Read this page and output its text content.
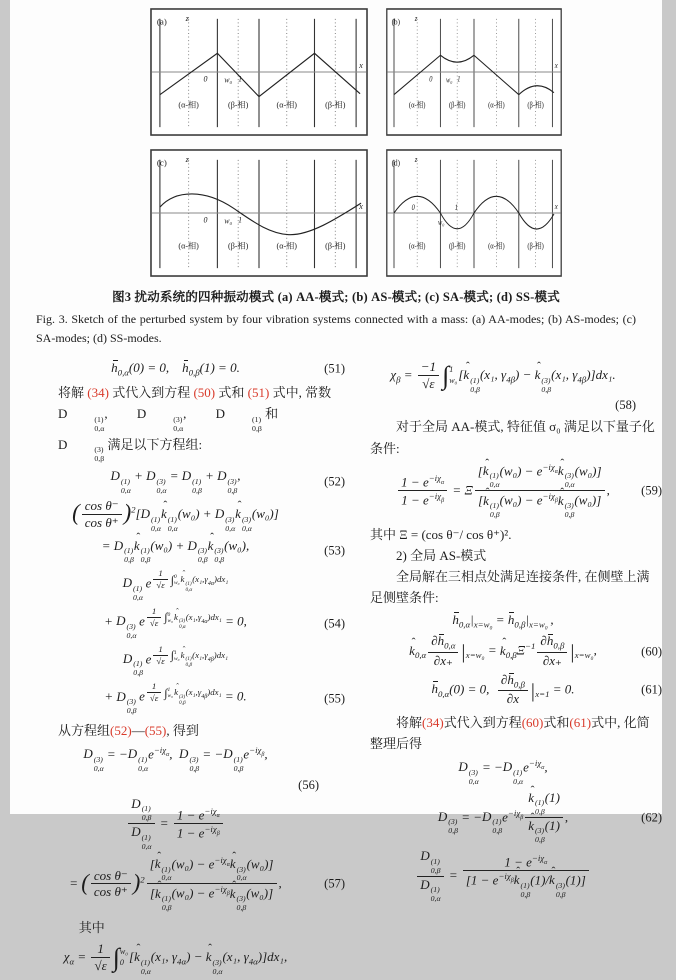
(a) z
x
0 w₀ 1
(α-相)	(β-相)	(α-相)	(β-相)
(b) z
x
0 w₀ 1
(α-相)	(β-相)	(α-相)	(β-相)
(c) z
x
0 w₀ 1
(α-相)	(β-相)	(α-相)	(β-相)
(d) z
x
0
w₀
1
(α-相)	(β-相)	(α-相)	(β-相)
图3 扰动系统的四种振动模式 (a) AA-模式; (b) AS-模式; (c) SA-模式; (d) SS-模式
Fig. 3. Sketch of the perturbed system by four vibration systems connected with a mass: (a) AA-modes; (b) AS-modes; (c) SA-modes; (d) SS-modes.
$h_{0,\alpha}(0) = 0$,  $h_{0,\beta}(1) = 0$.	(51)
将解 (34) 式代入到方程 (50) 式和 (51) 式中, 常数 D	(1)
0,α
, D	(3)
0,α
, D	(1)
0,β
和 D	(3)
0,β
满足以下方程组:
D (1)
0,α
+ D (3)
0,α
= D (1)
0,β
+ D (3)
0,β
,	(52)
( $\frac{\text{cos θ⁻}}{\text{cos θ⁺}} )^2[D$ (1)
0,α
ˆ k (1)
0,α
(w₀) + D (3)
0,α
ˆ k (3)
0,α
(w₀)]
= D (1)
0,β
ˆ k (1)
0,β
(w₀) + D (3)
0,β
ˆ k (3)
0,β
(w₀),	(53)
D (1)
0,α
 e $^{\frac{1}{√\varepsilon} \int 0 w_0 ˆ k (1) 0,\alpha (x_1,\gamma_{4\alpha})dx_1}$
+ D (3)
0,α
 e $^{\frac{1}{√\varepsilon} \int 0 w_0 ˆ k (3) 0,\alpha (x_1,\gamma_{4\alpha})dx_1}$ = 0,	(54)
D (1)
0,β
 e $^{\frac{1}{√\varepsilon} \int 1 w_0 ˆ k (1) 0,\beta (x_1,\gamma_{4\beta})dx_1}$
+ D (3)
0,β
 e $^{\frac{1}{√\varepsilon} \int 1 w_0 ˆ k (3) 0,\beta (x_1,\gamma_{4\beta})dx_1}$ = 0.	(55)
从方程组(52)—(55), 得到
D (3)
0,α
= −D (1)
0,α
$e^{-i\chi_\alpha}$, D (3)
0,β
= −D (1)
0,β
$e^{-i\chi_\beta}$,
(56)
D (1)
0,β
D (1)
0,α =
$1 - e^{-i\chi_\alpha}$
$1 - e^{-i\chi_\beta}$
= ( $\frac{\text{cos θ⁻}}{\text{cos θ⁺}} )^2$
[ˆ k (1)
0,α
$(w_0) - e^{-i\chi_\alpha}ˆ$ k (3)
0,α
(w₀)]
[ˆ k (1)
0,β
$(w_0) - e^{-i\chi_\beta}ˆ$ k (3)
0,β
(w₀)]
,	(57)
其中
$\chi_\alpha = \frac{1}{√\varepsilon}$ ∫ w₀
0 [ˆ k (1)
0,α
(x₁, $\gamma_{4\alpha}$) − ˆ k (3)
0,α
(x₁, $\gamma_{4\alpha})]dx_1$,
$\chi_\beta = \frac{-1}{√\varepsilon}$ ∫ 1
w₀ [ˆ k (1)
0,β
(x₁, $\gamma_{4\beta}$) − ˆ k (3)
0,β
(x₁, $\gamma_{4\beta})]dx_1$.
(58)
对于全局 AA-模式, 特征值 σ₀ 满足以下量子化条件:
$1 - e^{-i\chi_\alpha}$
$1 - e^{-i\chi_\beta}$
= Ξ
[ˆ k (1)
0,α
$(w_0) - e^{-i\chi_\alpha}ˆ$ k (3)
0,α
(w₀)]
[ˆ k (1)
0,β
$(w_0) - e^{-i\chi_\beta}ˆ$ k (3)
0,β
(w₀)]
,	(59)
其中 Ξ = (cos θ⁻/ cos θ⁺)².
2) 全局 AS-模式
全局解在三相点处满足连接条件, 在侧壁上满足侧壁条件:
$h_{0,\alpha}|_{x=w_0} = h_{0,\beta}|_{x=w_0}$ ,
ˆ $k_{0,\alpha} \frac{\partial h_{0,\alpha}}{\partial x_+} |_{x=w_0}$ = ˆ $k_{0,\beta}\Xi^{-1} \frac{\partial h_{0,\beta}}{\partial x_+} |_{x=w_0}$,	(60)
$h_{0,\alpha}(0) = 0$,  $\frac{\partial h_{0,\beta}}{\partial x} |_{x=1} = 0$.	(61)
将解(34)式代入到方程(60)式和(61)式中, 化简整理后得
D (3)
0,α
= −D (1)
0,α
$e^{-i\chi_\alpha}$,
D (3)
0,β
= −D (1)
0,β
$e^{-i\chi_\beta}$ ˆ k (1)
0,β
(1)
ˆ k (3)
0,β
(1) ,	(62)
D (1)
0,β
D (1)
0,α =
$1 - e^{-i\chi_\alpha}$
[$1 - e^{-i\chi_\beta}ˆ$ k (1)
0,β
(1)/ˆ k (3)
0,β
(1)]
